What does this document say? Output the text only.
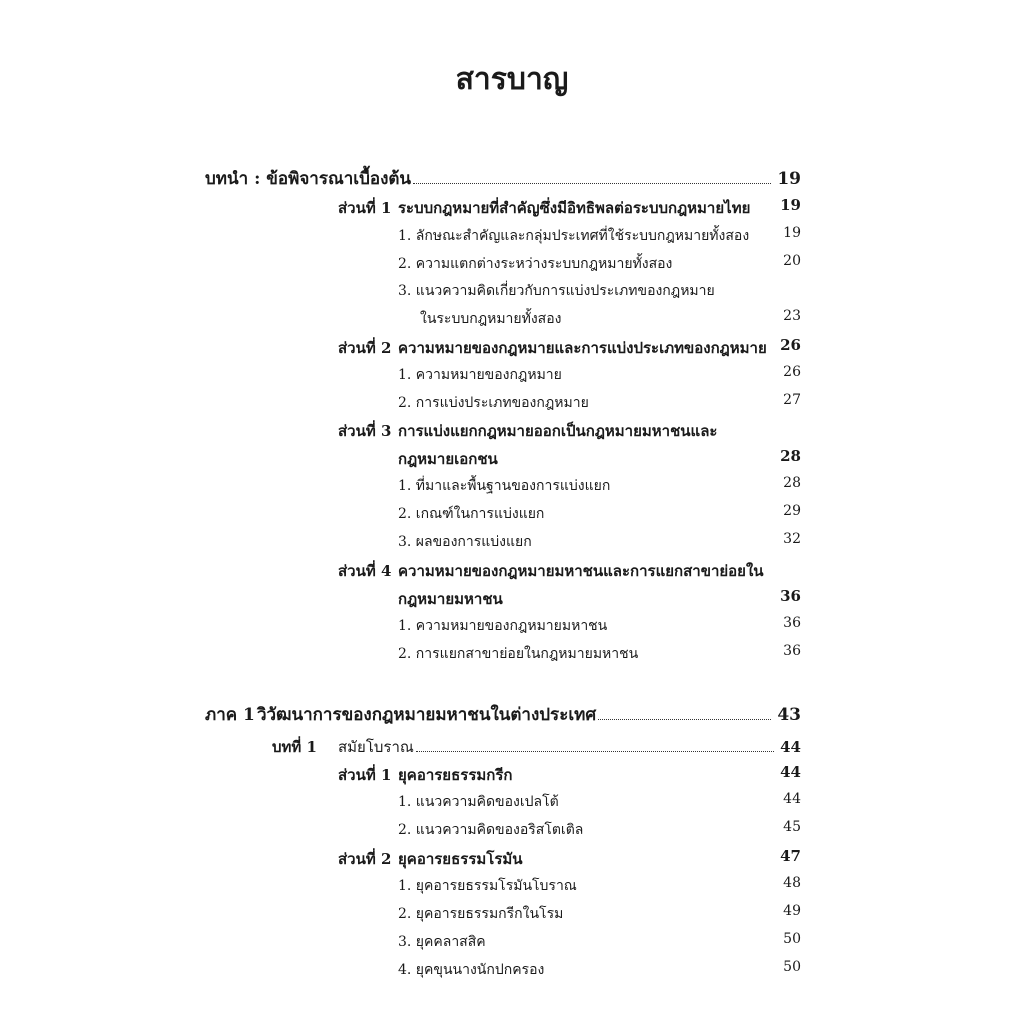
สารบาญ
บทนำ : ข้อพิจารณาเบื้องต้น	19
ส่วนที่ 1 ระบบกฎหมายที่สำคัญซึ่งมีอิทธิพลต่อระบบกฎหมายไทย 19
1. ลักษณะสำคัญและกลุ่มประเทศที่ใช้ระบบกฎหมายทั้งสอง 19
2. ความแตกต่างระหว่างระบบกฎหมายทั้งสอง	20
3. แนวความคิดเกี่ยวกับการแบ่งประเภทของกฎหมาย
ในระบบกฎหมายทั้งสอง	23
ส่วนที่ 2 ความหมายของกฎหมายและการแบ่งประเภทของกฎหมาย 26
1. ความหมายของกฎหมาย	26
2. การแบ่งประเภทของกฎหมาย	27
ส่วนที่ 3 การแบ่งแยกกฎหมายออกเป็นกฎหมายมหาชนและ
กฎหมายเอกชน	28
1. ที่มาและพื้นฐานของการแบ่งแยก	28
2. เกณฑ์ในการแบ่งแยก	29
3. ผลของการแบ่งแยก	32
ส่วนที่ 4 ความหมายของกฎหมายมหาชนและการแยกสาขาย่อยใน
กฎหมายมหาชน	36
1. ความหมายของกฎหมายมหาชน	36
2. การแยกสาขาย่อยในกฎหมายมหาชน	36
ภาค 1 วิวัฒนาการของกฎหมายมหาชนในต่างประเทศ	43
บทที่ 1	สมัยโบราณ	44
ส่วนที่ 1 ยุคอารยธรรมกรีก	44
1. แนวความคิดของเปลโต้	44
2. แนวความคิดของอริสโตเติล	45
ส่วนที่ 2 ยุคอารยธรรมโรมัน	47
1. ยุคอารยธรรมโรมันโบราณ	48
2. ยุคอารยธรรมกรีกในโรม	49
3. ยุคคลาสสิค	50
4. ยุคขุนนางนักปกครอง	50
